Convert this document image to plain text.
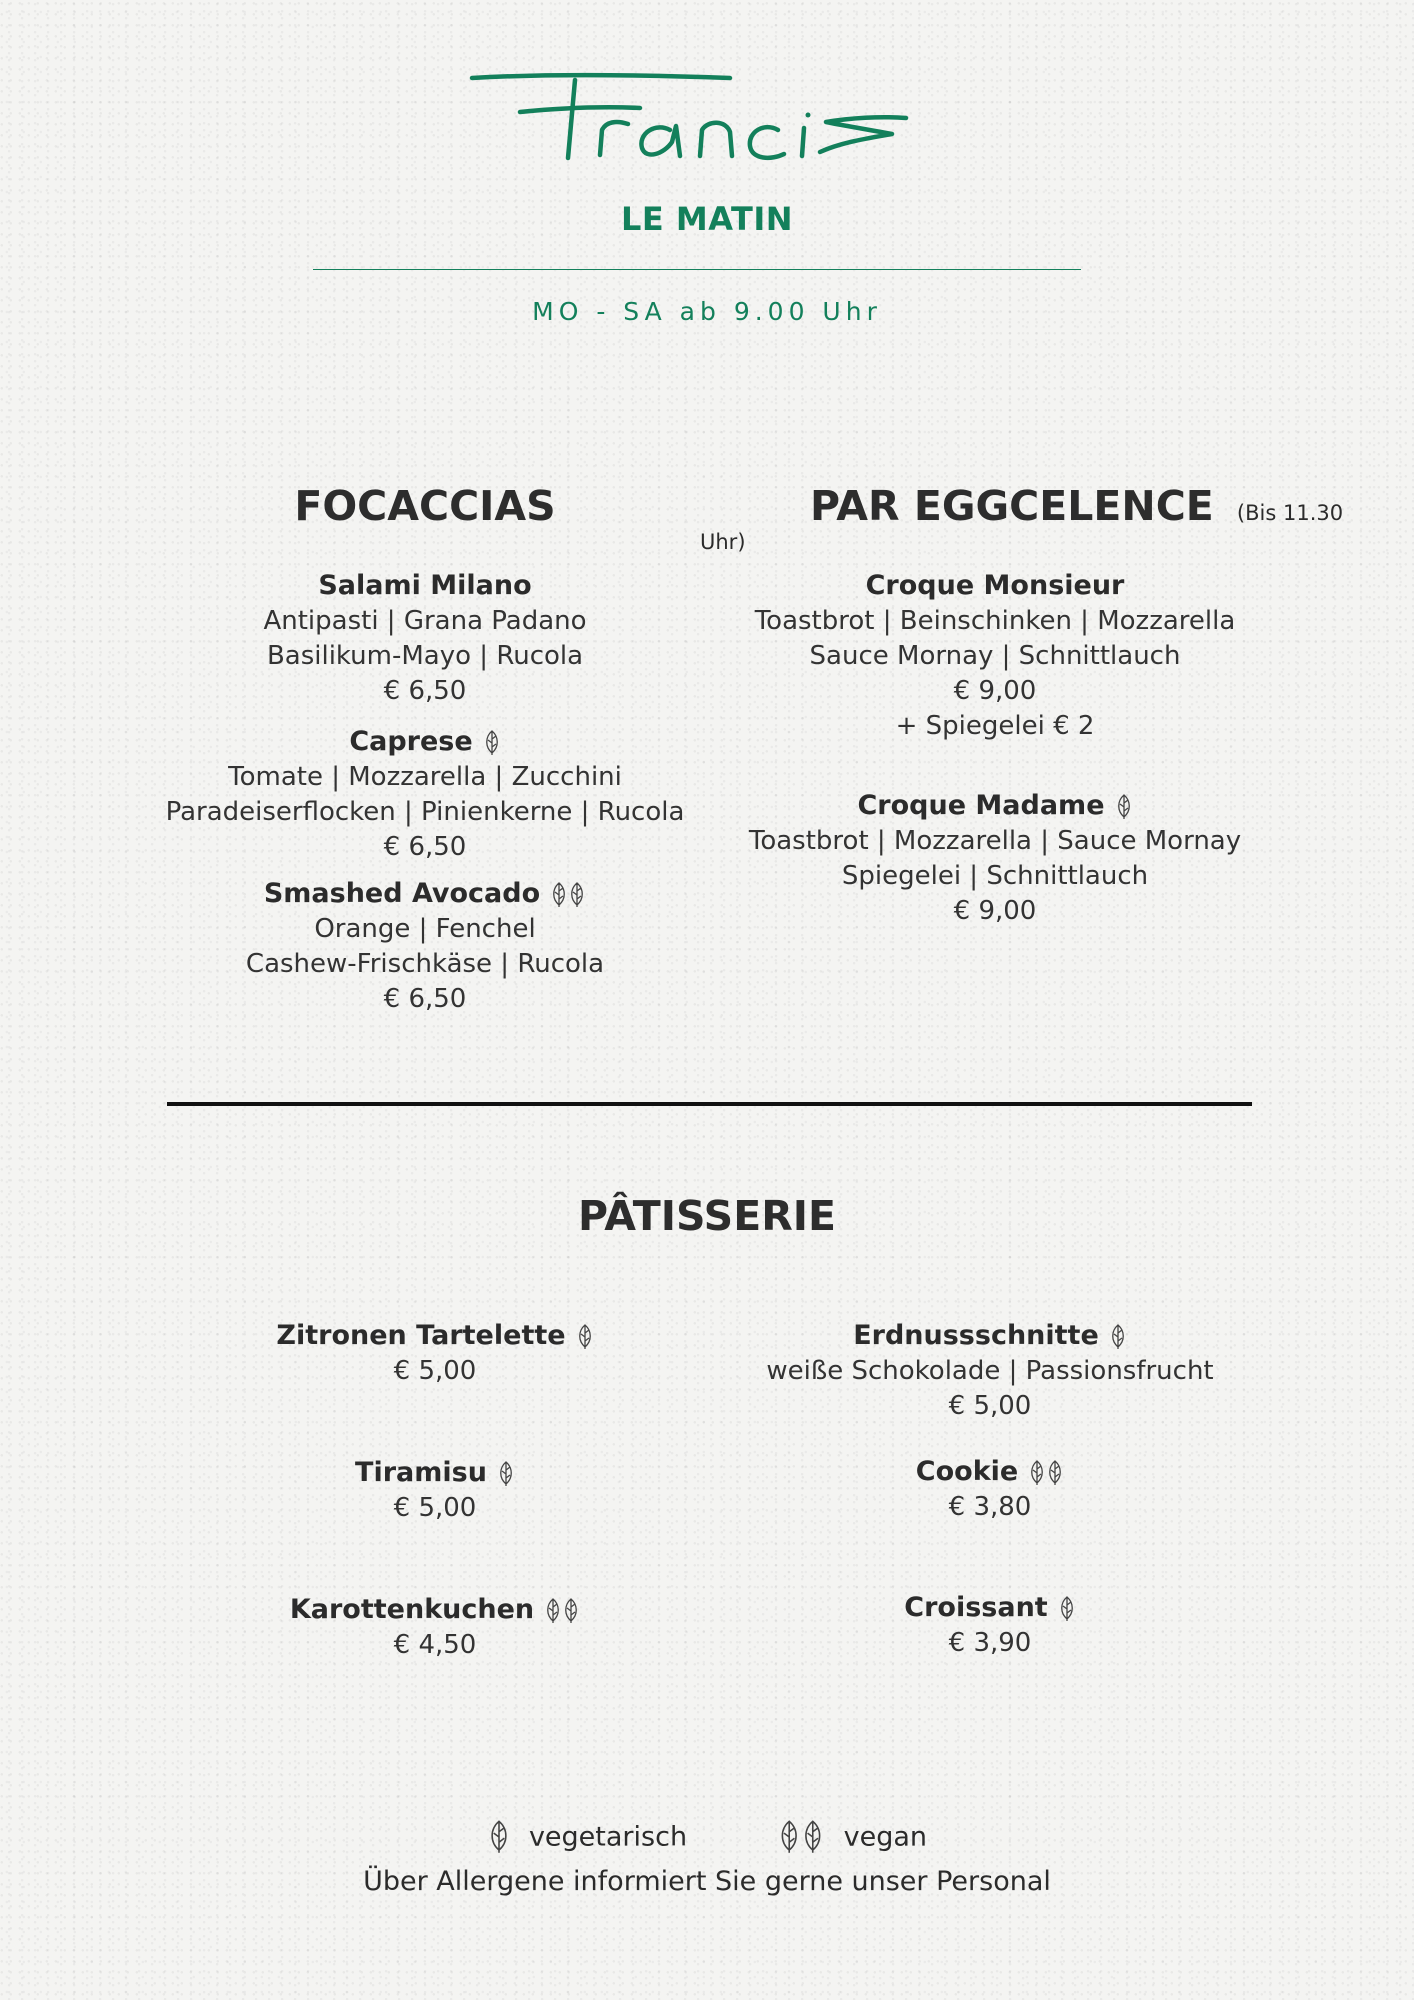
LE MATIN
MO - SA ab 9.00 Uhr
FOCACCIAS	PAR EGGCELENCE (Bis 11.30 Uhr)
Salami Milano
Antipasti | Grana Padano
Basilikum-Mayo | Rucola
€ 6,50
Caprese
Tomate | Mozzarella | Zucchini
Paradeiserflocken | Pinienkerne | Rucola
€ 6,50
Smashed Avocado
Orange | Fenchel
Cashew-Frischkäse | Rucola
€ 6,50
Croque Monsieur
Toastbrot | Beinschinken | Mozzarella
Sauce Mornay | Schnittlauch
€ 9,00
+ Spiegelei € 2
Croque Madame
Toastbrot | Mozzarella | Sauce Mornay
Spiegelei | Schnittlauch
€ 9,00
PÂTISSERIE
Zitronen Tartelette
€ 5,00
Tiramisu
€ 5,00
Karottenkuchen
€ 4,50
Erdnussschnitte
weiße Schokolade | Passionsfrucht
€ 5,00
Cookie
€ 3,80
Croissant
€ 3,90
vegetarisch	vegan
Über Allergene informiert Sie gerne unser Personal
